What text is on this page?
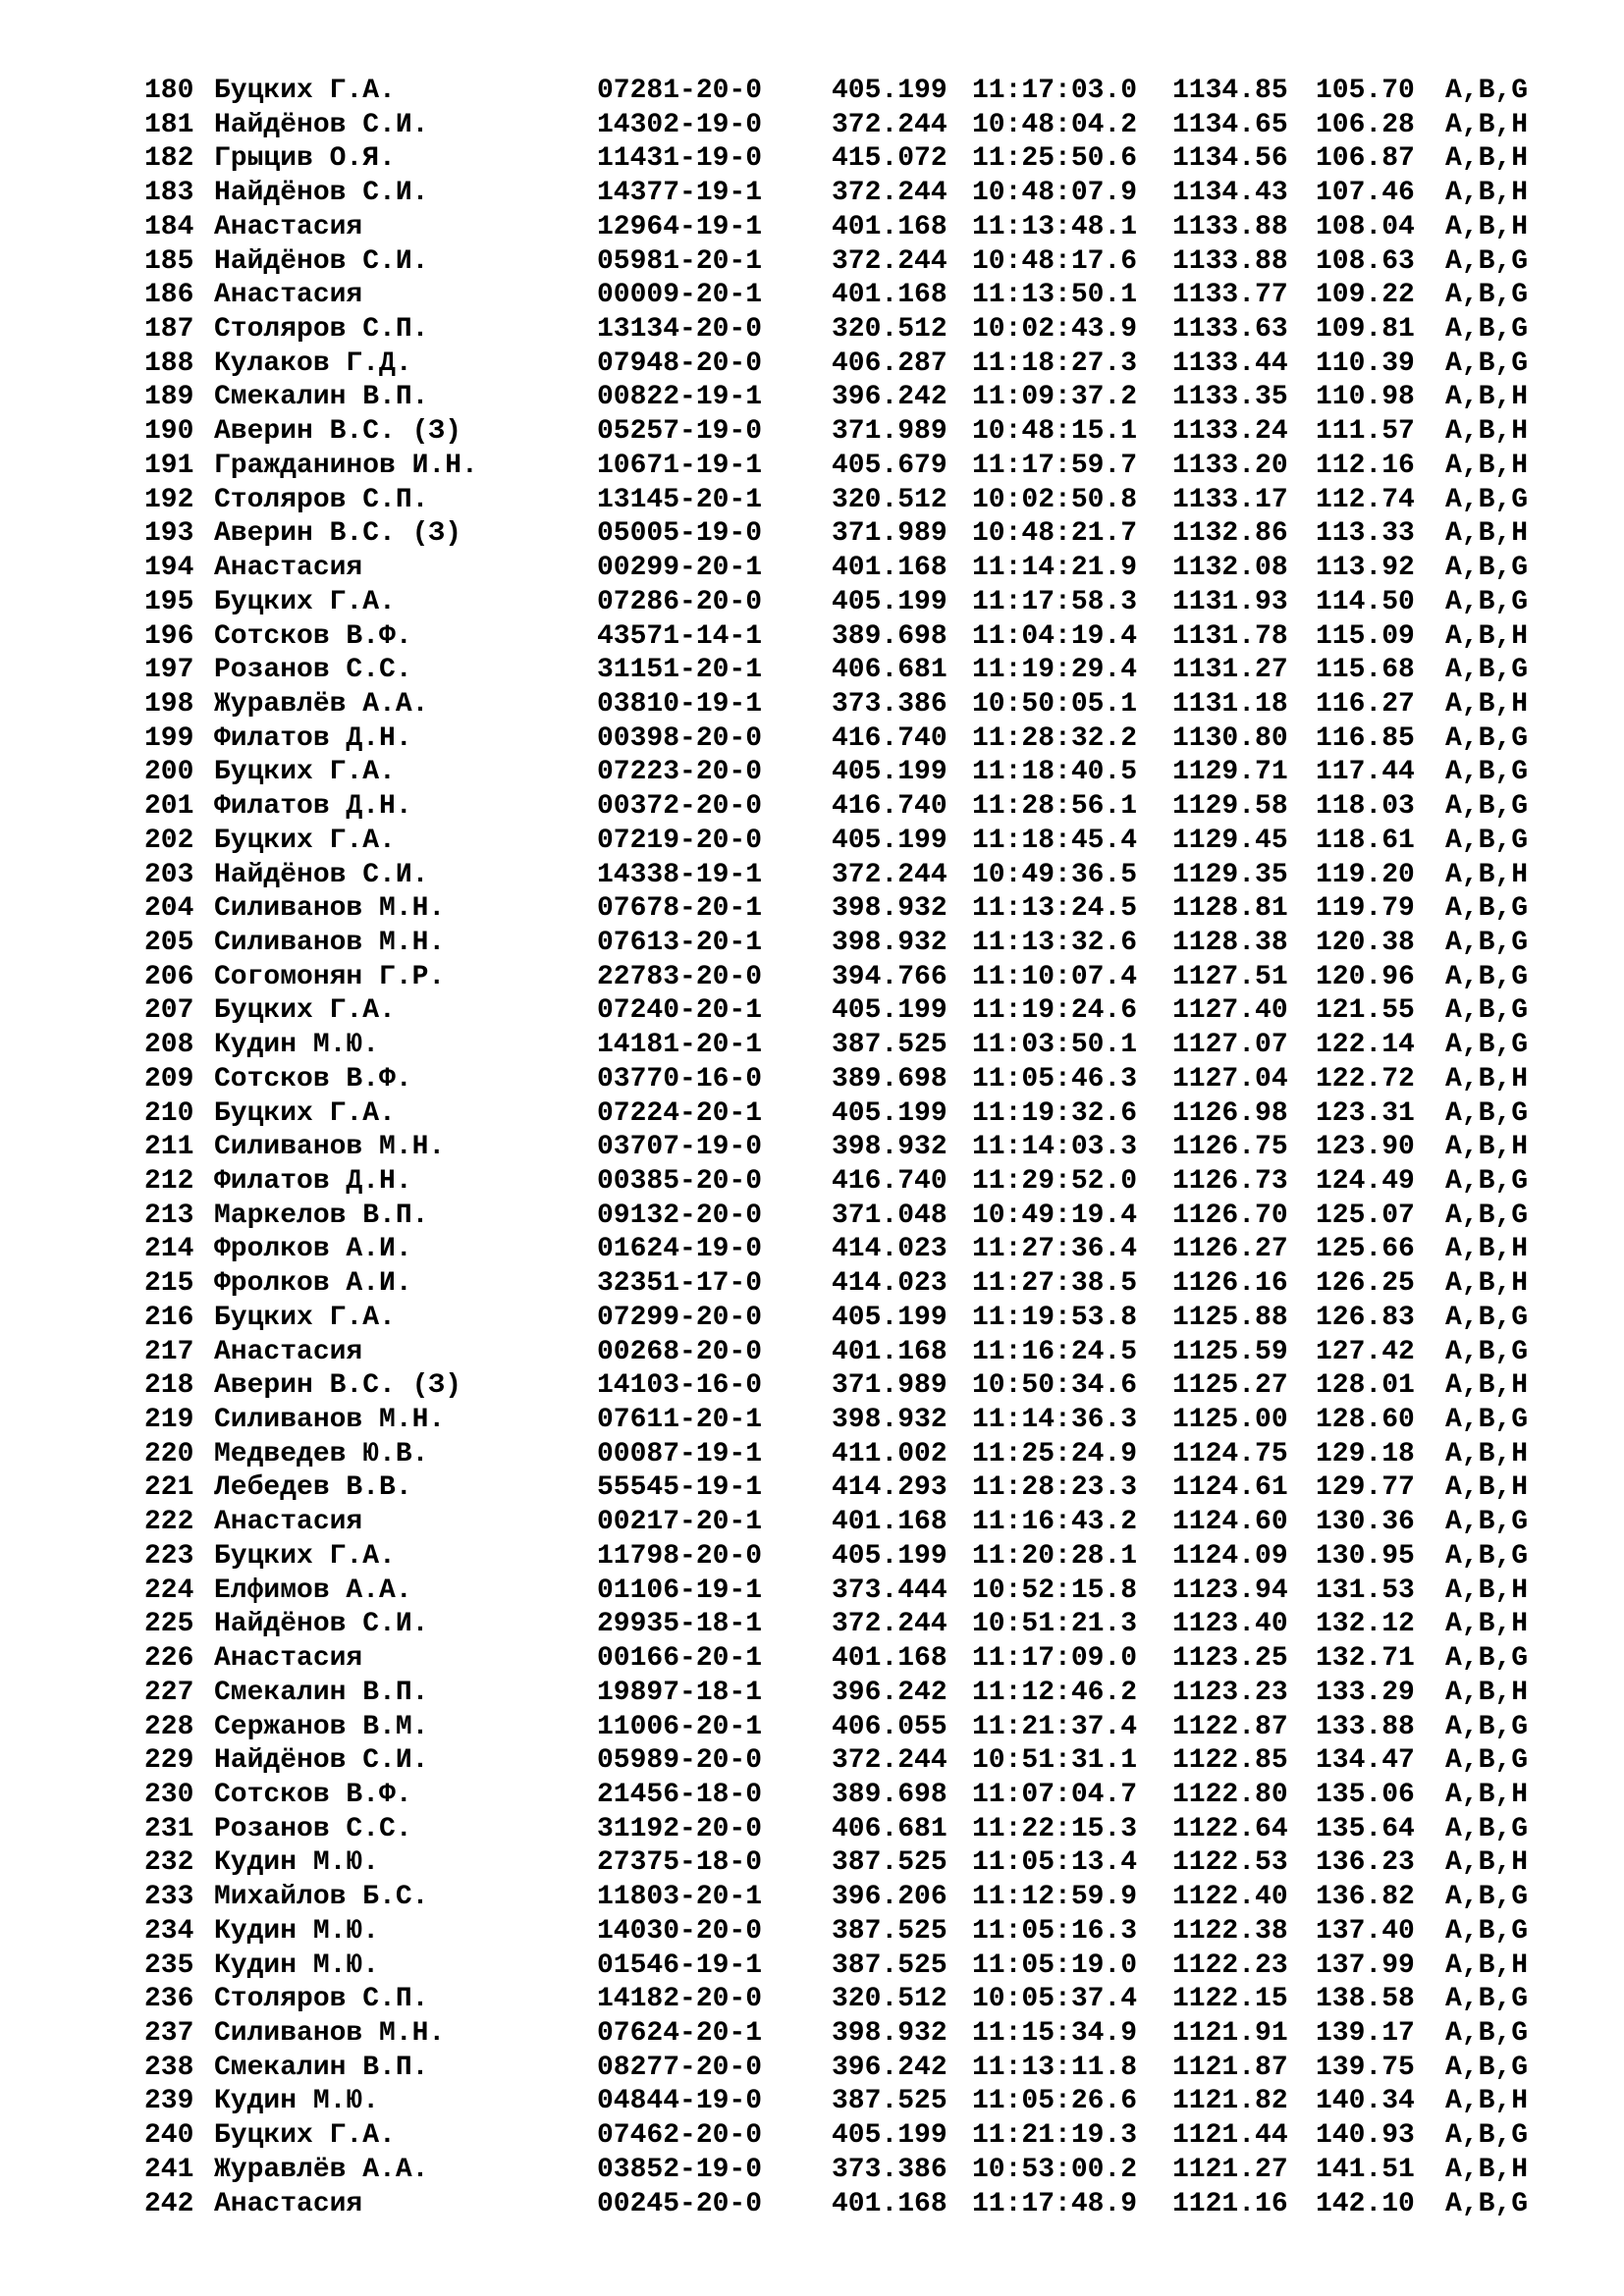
180 Буцких Г.А.	07281-20-0	405.199 11:17:03.0 1134.85 105.70 A,B,G
181 Найдёнов С.И.	14302-19-0	372.244 10:48:04.2 1134.65 106.28 A,B,H
182 Грыцив О.Я.	11431-19-0	415.072 11:25:50.6 1134.56 106.87 A,B,H
183 Найдёнов С.И.	14377-19-1	372.244 10:48:07.9 1134.43 107.46 A,B,H
184 Анастасия	12964-19-1	401.168 11:13:48.1 1133.88 108.04 A,B,H
185 Найдёнов С.И.	05981-20-1	372.244 10:48:17.6 1133.88 108.63 A,B,G
186 Анастасия	00009-20-1	401.168 11:13:50.1 1133.77 109.22 A,B,G
187 Столяров С.П.	13134-20-0	320.512 10:02:43.9 1133.63 109.81 A,B,G
188 Кулаков Г.Д.	07948-20-0	406.287 11:18:27.3 1133.44 110.39 A,B,G
189 Смекалин В.П.	00822-19-1	396.242 11:09:37.2 1133.35 110.98 A,B,H
190 Аверин В.С. (З)	05257-19-0	371.989 10:48:15.1 1133.24 111.57 A,B,H
191 Гражданинов И.Н.	10671-19-1	405.679 11:17:59.7 1133.20 112.16 A,B,H
192 Столяров С.П.	13145-20-1	320.512 10:02:50.8 1133.17 112.74 A,B,G
193 Аверин В.С. (З)	05005-19-0	371.989 10:48:21.7 1132.86 113.33 A,B,H
194 Анастасия	00299-20-1	401.168 11:14:21.9 1132.08 113.92 A,B,G
195 Буцких Г.А.	07286-20-0	405.199 11:17:58.3 1131.93 114.50 A,B,G
196 Сотсков В.Ф.	43571-14-1	389.698 11:04:19.4 1131.78 115.09 A,B,H
197 Розанов С.С.	31151-20-1	406.681 11:19:29.4 1131.27 115.68 A,B,G
198 Журавлёв А.А.	03810-19-1	373.386 10:50:05.1 1131.18 116.27 A,B,H
199 Филатов Д.Н.	00398-20-0	416.740 11:28:32.2 1130.80 116.85 A,B,G
200 Буцких Г.А.	07223-20-0	405.199 11:18:40.5 1129.71 117.44 A,B,G
201 Филатов Д.Н.	00372-20-0	416.740 11:28:56.1 1129.58 118.03 A,B,G
202 Буцких Г.А.	07219-20-0	405.199 11:18:45.4 1129.45 118.61 A,B,G
203 Найдёнов С.И.	14338-19-1	372.244 10:49:36.5 1129.35 119.20 A,B,H
204 Силиванов М.Н.	07678-20-1	398.932 11:13:24.5 1128.81 119.79 A,B,G
205 Силиванов М.Н.	07613-20-1	398.932 11:13:32.6 1128.38 120.38 A,B,G
206 Согомонян Г.Р.	22783-20-0	394.766 11:10:07.4 1127.51 120.96 A,B,G
207 Буцких Г.А.	07240-20-1	405.199 11:19:24.6 1127.40 121.55 A,B,G
208 Кудин М.Ю.	14181-20-1	387.525 11:03:50.1 1127.07 122.14 A,B,G
209 Сотсков В.Ф.	03770-16-0	389.698 11:05:46.3 1127.04 122.72 A,B,H
210 Буцких Г.А.	07224-20-1	405.199 11:19:32.6 1126.98 123.31 A,B,G
211 Силиванов М.Н.	03707-19-0	398.932 11:14:03.3 1126.75 123.90 A,B,H
212 Филатов Д.Н.	00385-20-0	416.740 11:29:52.0 1126.73 124.49 A,B,G
213 Маркелов В.П.	09132-20-0	371.048 10:49:19.4 1126.70 125.07 A,B,G
214 Фролков А.И.	01624-19-0	414.023 11:27:36.4 1126.27 125.66 A,B,H
215 Фролков А.И.	32351-17-0	414.023 11:27:38.5 1126.16 126.25 A,B,H
216 Буцких Г.А.	07299-20-0	405.199 11:19:53.8 1125.88 126.83 A,B,G
217 Анастасия	00268-20-0	401.168 11:16:24.5 1125.59 127.42 A,B,G
218 Аверин В.С. (З)	14103-16-0	371.989 10:50:34.6 1125.27 128.01 A,B,H
219 Силиванов М.Н.	07611-20-1	398.932 11:14:36.3 1125.00 128.60 A,B,G
220 Медведев Ю.В.	00087-19-1	411.002 11:25:24.9 1124.75 129.18 A,B,H
221 Лебедев В.В.	55545-19-1	414.293 11:28:23.3 1124.61 129.77 A,B,H
222 Анастасия	00217-20-1	401.168 11:16:43.2 1124.60 130.36 A,B,G
223 Буцких Г.А.	11798-20-0	405.199 11:20:28.1 1124.09 130.95 A,B,G
224 Елфимов А.А.	01106-19-1	373.444 10:52:15.8 1123.94 131.53 A,B,H
225 Найдёнов С.И.	29935-18-1	372.244 10:51:21.3 1123.40 132.12 A,B,H
226 Анастасия	00166-20-1	401.168 11:17:09.0 1123.25 132.71 A,B,G
227 Смекалин В.П.	19897-18-1	396.242 11:12:46.2 1123.23 133.29 A,B,H
228 Сержанов В.М.	11006-20-1	406.055 11:21:37.4 1122.87 133.88 A,B,G
229 Найдёнов С.И.	05989-20-0	372.244 10:51:31.1 1122.85 134.47 A,B,G
230 Сотсков В.Ф.	21456-18-0	389.698 11:07:04.7 1122.80 135.06 A,B,H
231 Розанов С.С.	31192-20-0	406.681 11:22:15.3 1122.64 135.64 A,B,G
232 Кудин М.Ю.	27375-18-0	387.525 11:05:13.4 1122.53 136.23 A,B,H
233 Михайлов Б.С.	11803-20-1	396.206 11:12:59.9 1122.40 136.82 A,B,G
234 Кудин М.Ю.	14030-20-0	387.525 11:05:16.3 1122.38 137.40 A,B,G
235 Кудин М.Ю.	01546-19-1	387.525 11:05:19.0 1122.23 137.99 A,B,H
236 Столяров С.П.	14182-20-0	320.512 10:05:37.4 1122.15 138.58 A,B,G
237 Силиванов М.Н.	07624-20-1	398.932 11:15:34.9 1121.91 139.17 A,B,G
238 Смекалин В.П.	08277-20-0	396.242 11:13:11.8 1121.87 139.75 A,B,G
239 Кудин М.Ю.	04844-19-0	387.525 11:05:26.6 1121.82 140.34 A,B,H
240 Буцких Г.А.	07462-20-0	405.199 11:21:19.3 1121.44 140.93 A,B,G
241 Журавлёв А.А.	03852-19-0	373.386 10:53:00.2 1121.27 141.51 A,B,H
242 Анастасия	00245-20-0	401.168 11:17:48.9 1121.16 142.10 A,B,G
